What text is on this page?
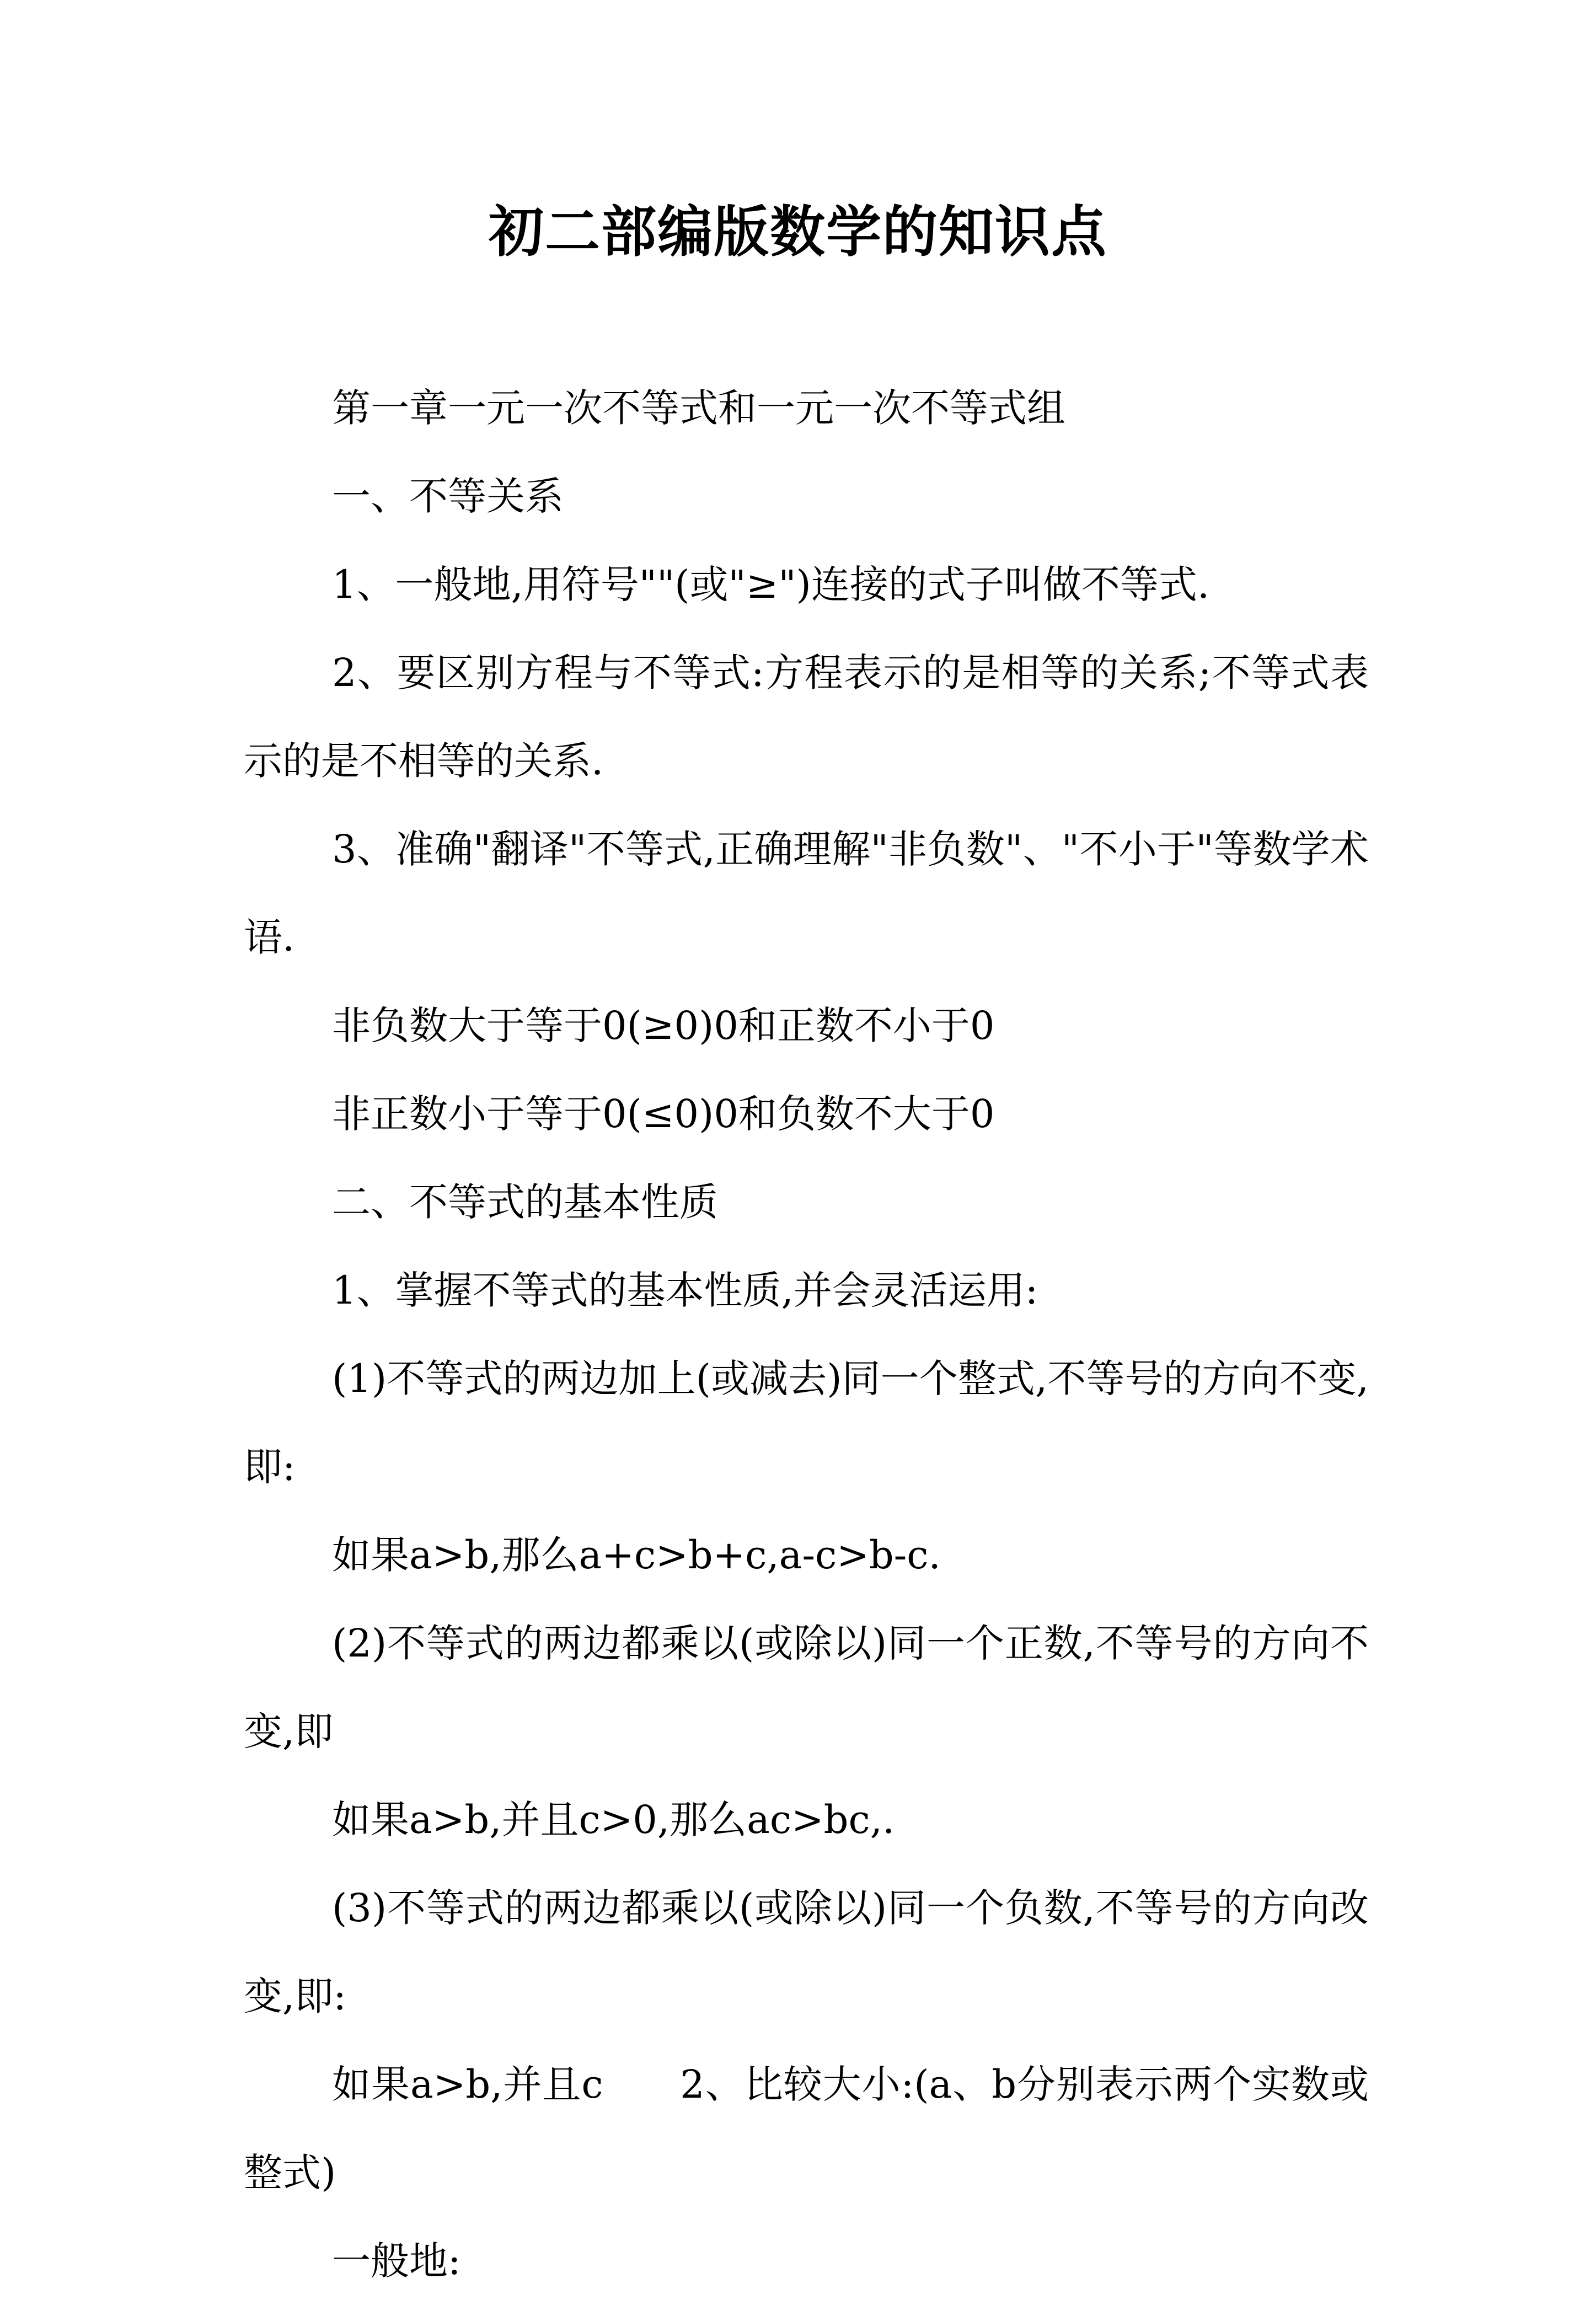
初二部编版数学的知识点

第一章一元一次不等式和一元一次不等式组

一、不等关系

1、一般地,用符号""(或"≥")连接的式子叫做不等式.

2、要区别方程与不等式:方程表示的是相等的关系;不等式表示的是不相等的关系.

3、准确"翻译"不等式,正确理解"非负数"、"不小于"等数学术语.

非负数大于等于0(≥0)0和正数不小于0

非正数小于等于0(≤0)0和负数不大于0

二、不等式的基本性质

1、掌握不等式的基本性质,并会灵活运用:

(1)不等式的两边加上(或减去)同一个整式,不等号的方向不变,即:

如果a>b,那么a+c>b+c,a-c>b-c.

(2)不等式的两边都乘以(或除以)同一个正数,不等号的方向不变,即

如果a>b,并且c>0,那么ac>bc,.

(3)不等式的两边都乘以(或除以)同一个负数,不等号的方向改变,即:

如果a>b,并且c      2、比较大小:(a、b分别表示两个实数或整式)

一般地:
